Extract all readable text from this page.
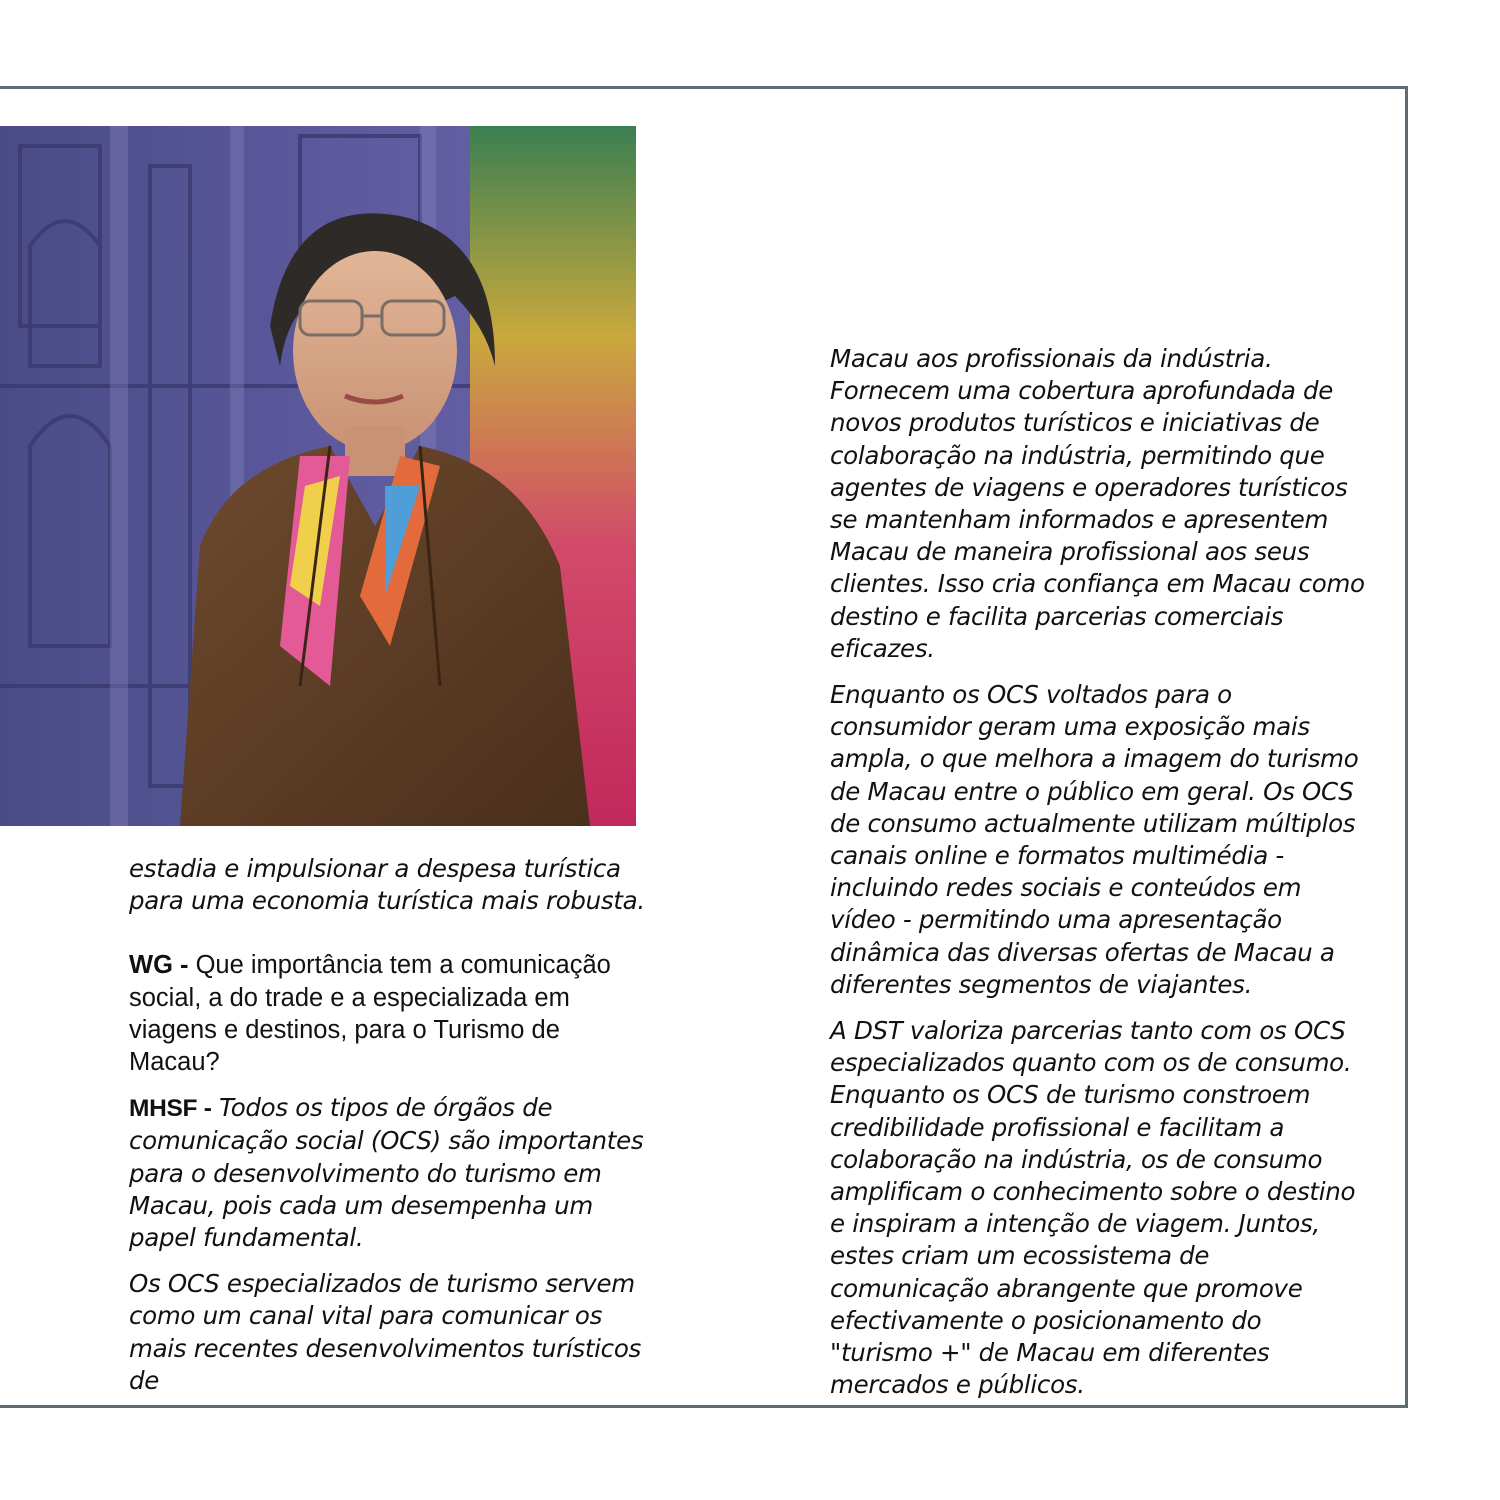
estadia e impulsionar a despesa turística para uma economia turística mais robusta.

WG - Que importância tem a comunicação social, a do trade e a especializada em viagens e destinos, para o Turismo de Macau?

MHSF - Todos os tipos de órgãos de comunicação social (OCS) são importantes para o desenvolvimento do turismo em Macau, pois cada um desempenha um papel fundamental.

Os OCS especializados de turismo servem como um canal vital para comunicar os mais recentes desenvolvimentos turísticos de

Macau aos profissionais da indústria. Fornecem uma cobertura aprofundada de novos produtos turísticos e iniciativas de colaboração na indústria, permitindo que agentes de viagens e operadores turísticos se mantenham informados e apresentem Macau de maneira profissional aos seus clientes. Isso cria confiança em Macau como destino e facilita parcerias comerciais eficazes.

Enquanto os OCS voltados para o consumidor geram uma exposição mais ampla, o que melhora a imagem do turismo de Macau entre o público em geral. Os OCS de consumo actualmente utilizam múltiplos canais online e formatos multimédia - incluindo redes sociais e conteúdos em vídeo - permitindo uma apresentação dinâmica das diversas ofertas de Macau a diferentes segmentos de viajantes.

A DST valoriza parcerias tanto com os OCS especializados quanto com os de consumo. Enquanto os OCS de turismo constroem credibilidade profissional e facilitam a colaboração na indústria, os de consumo amplificam o conhecimento sobre o destino e inspiram a intenção de viagem. Juntos, estes criam um ecossistema de comunicação abrangente que promove efectivamente o posicionamento do "turismo +" de Macau em diferentes mercados e públicos.
